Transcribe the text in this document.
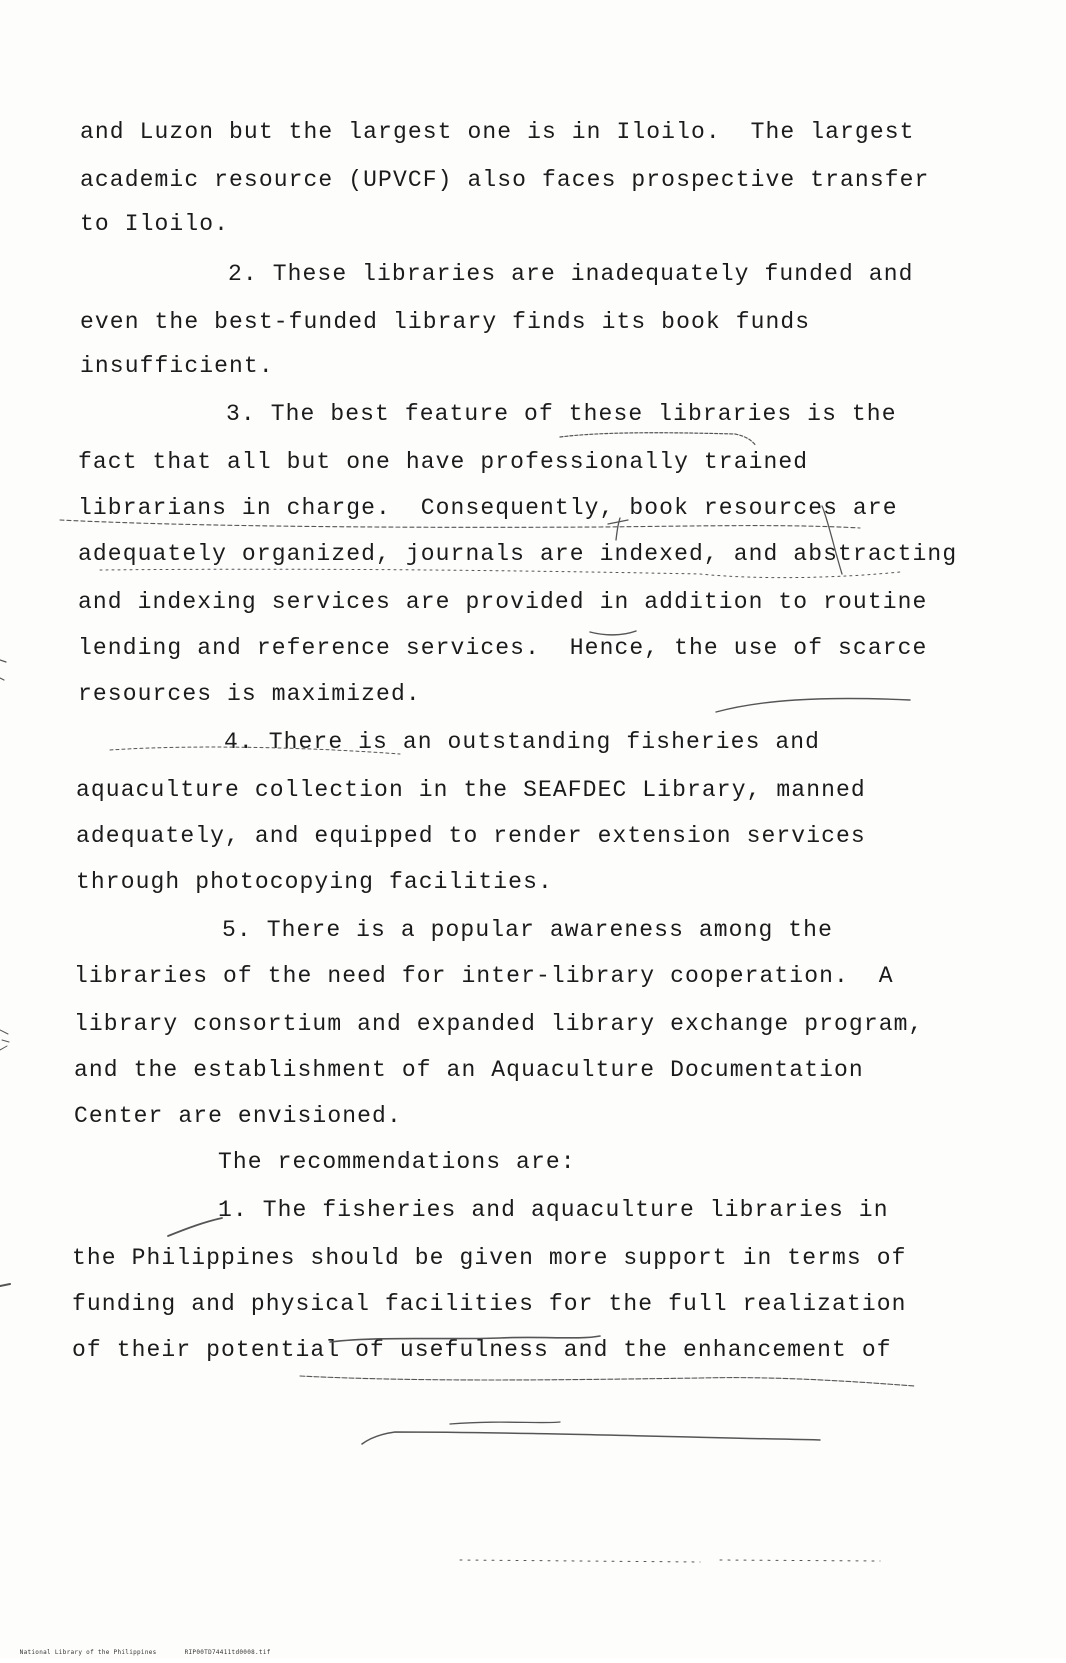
and Luzon but the largest one is in Iloilo.  The largest
academic resource (UPVCF) also faces prospective transfer
to Iloilo.
2. These libraries are inadequately funded and
even the best-funded library finds its book funds
insufficient.
3. The best feature of these libraries is the
fact that all but one have professionally trained
librarians in charge.  Consequently, book resources are
adequately organized, journals are indexed, and abstracting
and indexing services are provided in addition to routine
lending and reference services.  Hence, the use of scarce
resources is maximized.
4. There is an outstanding fisheries and
aquaculture collection in the SEAFDEC Library, manned
adequately, and equipped to render extension services
through photocopying facilities.
5. There is a popular awareness among the
libraries of the need for inter-library cooperation.  A
library consortium and expanded library exchange program,
and the establishment of an Aquaculture Documentation
Center are envisioned.
The recommendations are:
1. The fisheries and aquaculture libraries in
the Philippines should be given more support in terms of
funding and physical facilities for the full realization
of their potential of usefulness and the enhancement of

National Library of the Philippines	RIP00TD74411td0008.tif
